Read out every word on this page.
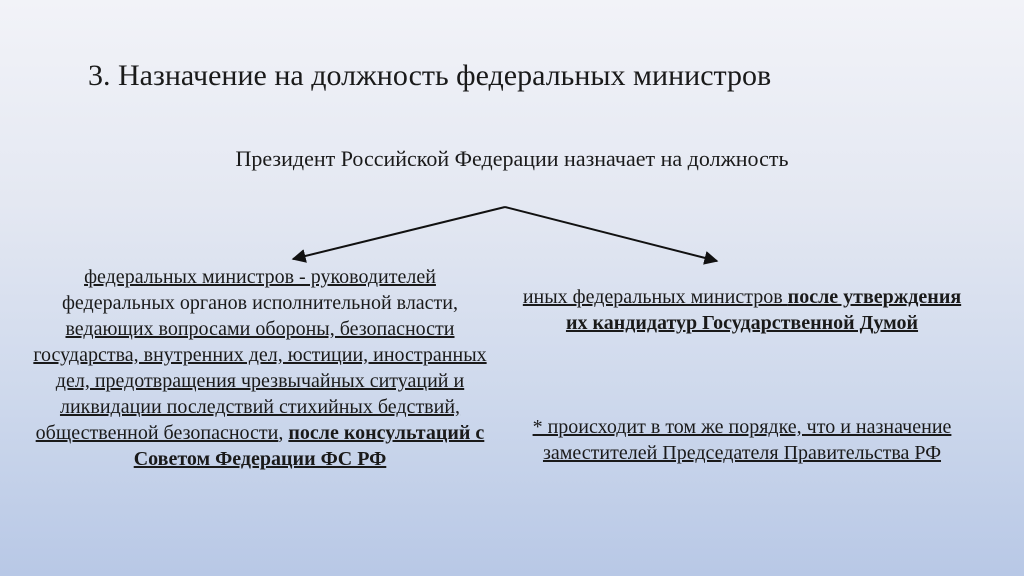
3. Назначение на должность федеральных министров
Президент Российской Федерации назначает на должность
федеральных министров - руководителей федеральных органов исполнительной власти, ведающих вопросами обороны, безопасности государства, внутренних дел, юстиции, иностранных дел, предотвращения чрезвычайных ситуаций и ликвидации последствий стихийных бедствий, общественной безопасности, после консультаций с Советом Федерации ФС РФ
иных федеральных министров после утверждения их кандидатур Государственной Думой
* происходит в том же порядке, что и назначение заместителей Председателя Правительства РФ
